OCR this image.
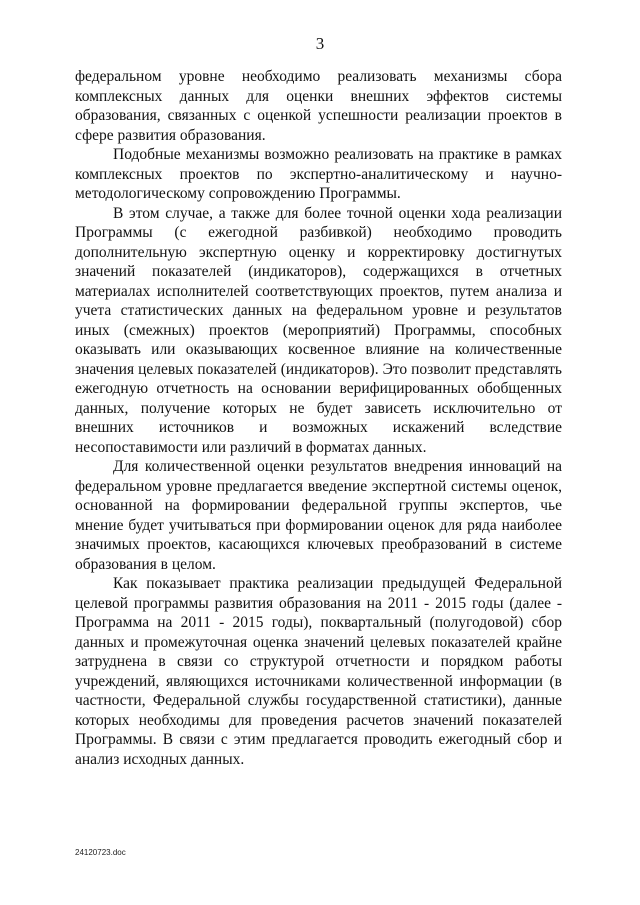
3

федеральном уровне необходимо реализовать механизмы сбора комплексных данных для оценки внешних эффектов системы образования, связанных с оценкой успешности реализации проектов в сфере развития образования.

Подобные механизмы возможно реализовать на практике в рамках комплексных проектов по экспертно-аналитическому и научно-методологическому сопровождению Программы.

В этом случае, а также для более точной оценки хода реализации Программы (с ежегодной разбивкой) необходимо проводить дополнительную экспертную оценку и корректировку достигнутых значений показателей (индикаторов), содержащихся в отчетных материалах исполнителей соответствующих проектов, путем анализа и учета статистических данных на федеральном уровне и результатов иных (смежных) проектов (мероприятий) Программы, способных оказывать или оказывающих косвенное влияние на количественные значения целевых показателей (индикаторов). Это позволит представлять ежегодную отчетность на основании верифицированных обобщенных данных, получение которых не будет зависеть исключительно от внешних источников и возможных искажений вследствие несопоставимости или различий в форматах данных.

Для количественной оценки результатов внедрения инноваций на федеральном уровне предлагается введение экспертной системы оценок, основанной на формировании федеральной группы экспертов, чье мнение будет учитываться при формировании оценок для ряда наиболее значимых проектов, касающихся ключевых преобразований в системе образования в целом.

Как показывает практика реализации предыдущей Федеральной целевой программы развития образования на 2011 - 2015 годы (далее - Программа на 2011 - 2015 годы), поквартальный (полугодовой) сбор данных и промежуточная оценка значений целевых показателей крайне затруднена в связи со структурой отчетности и порядком работы учреждений, являющихся источниками количественной информации (в частности, Федеральной службы государственной статистики), данные которых необходимы для проведения расчетов значений показателей Программы. В связи с этим предлагается проводить ежегодный сбор и анализ исходных данных.

24120723.doc
